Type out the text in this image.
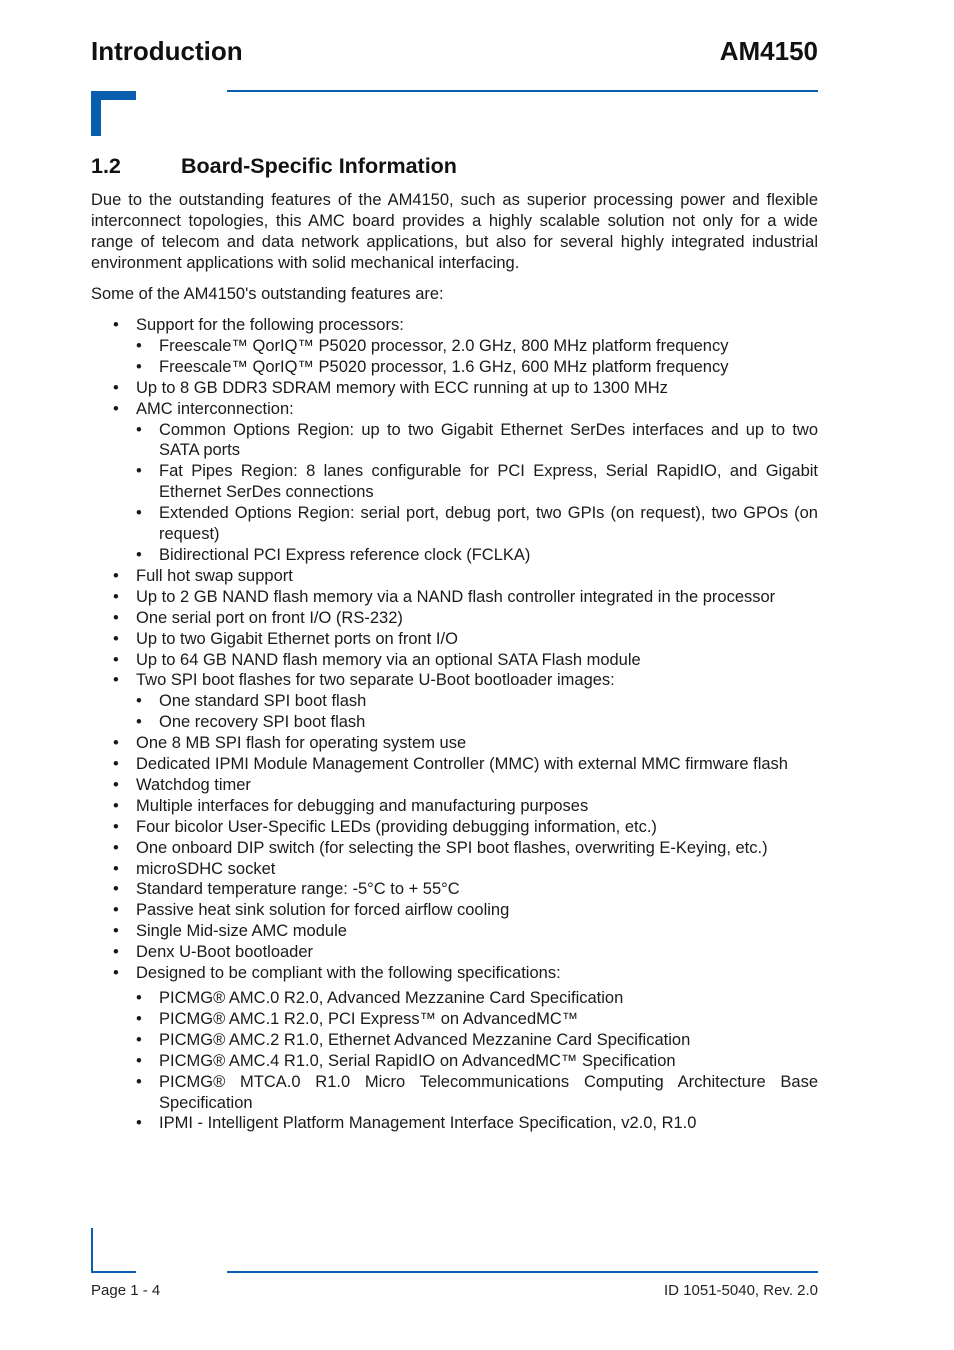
Introduction	AM4150
1.2	Board-Specific Information

Due to the outstanding features of the AM4150, such as superior processing power and flexible interconnect topologies, this AMC board provides a highly scalable solution not only for a wide range of telecom and data network applications, but also for several highly integrated industrial environment applications with solid mechanical interfacing.

Some of the AM4150's outstanding features are:

• Support for the following processors:
• Freescale™ QorIQ™ P5020 processor, 2.0 GHz, 800 MHz platform frequency
• Freescale™ QorIQ™ P5020 processor, 1.6 GHz, 600 MHz platform frequency
• Up to 8 GB DDR3 SDRAM memory with ECC running at up to 1300 MHz
• AMC interconnection:
• Common Options Region: up to two Gigabit Ethernet SerDes interfaces and up to two SATA ports
• Fat Pipes Region: 8 lanes configurable for PCI Express, Serial RapidIO, and Gigabit Ethernet SerDes connections
• Extended Options Region: serial port, debug port, two GPIs (on request), two GPOs (on request)
• Bidirectional PCI Express reference clock (FCLKA)
• Full hot swap support
• Up to 2 GB NAND flash memory via a NAND flash controller integrated in the processor
• One serial port on front I/O (RS-232)
• Up to two Gigabit Ethernet ports on front I/O
• Up to 64 GB NAND flash memory via an optional SATA Flash module
• Two SPI boot flashes for two separate U-Boot bootloader images:
• One standard SPI boot flash
• One recovery SPI boot flash
• One 8 MB SPI flash for operating system use
• Dedicated IPMI Module Management Controller (MMC) with external MMC firmware flash
• Watchdog timer
• Multiple interfaces for debugging and manufacturing purposes
• Four bicolor User-Specific LEDs (providing debugging information, etc.)
• One onboard DIP switch (for selecting the SPI boot flashes, overwriting E-Keying, etc.)
• microSDHC socket
• Standard temperature range: -5°C to + 55°C
• Passive heat sink solution for forced airflow cooling
• Single Mid-size AMC module
• Denx U-Boot bootloader
• Designed to be compliant with the following specifications:
• PICMG® AMC.0 R2.0, Advanced Mezzanine Card Specification
• PICMG® AMC.1 R2.0, PCI Express™ on AdvancedMC™
• PICMG® AMC.2 R1.0, Ethernet Advanced Mezzanine Card Specification
• PICMG® AMC.4 R1.0, Serial RapidIO on AdvancedMC™ Specification
• PICMG® MTCA.0 R1.0 Micro Telecommunications Computing Architecture Base Specification
• IPMI - Intelligent Platform Management Interface Specification, v2.0, R1.0
Page 1 - 4	ID 1051-5040, Rev. 2.0
